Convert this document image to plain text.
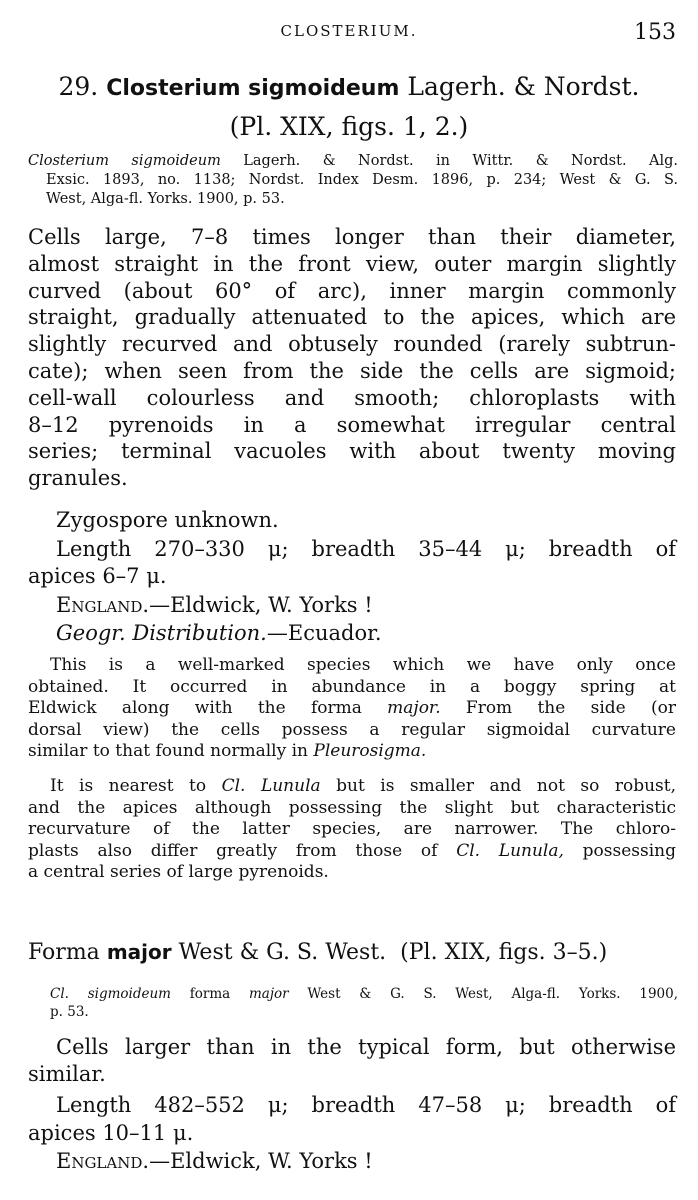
CLOSTERIUM.	153
29. Closterium sigmoideum Lagerh. & Nordst.
(Pl. XIX, figs. 1, 2.)
Closterium sigmoideum Lagerh. & Nordst. in Wittr. & Nordst. Alg.
Exsic. 1893, no. 1138; Nordst. Index Desm. 1896, p. 234; West & G. S.
West, Alga-fl. Yorks. 1900, p. 53.
Cells large, 7–8 times longer than their diameter,
almost straight in the front view, outer margin slightly
curved (about 60° of arc), inner margin commonly
straight, gradually attenuated to the apices, which are
slightly recurved and obtusely rounded (rarely subtrun-
cate); when seen from the side the cells are sigmoid;
cell-wall colourless and smooth; chloroplasts with
8–12 pyrenoids in a somewhat irregular central
series; terminal vacuoles with about twenty moving
granules.
Zygospore unknown.
Length 270–330 μ; breadth 35–44 μ; breadth of
apices 6–7 μ.
England.—Eldwick, W. Yorks !
Geogr. Distribution.—Ecuador.
This is a well-marked species which we have only once
obtained. It occurred in abundance in a boggy spring at
Eldwick along with the forma major. From the side (or
dorsal view) the cells possess a regular sigmoidal curvature
similar to that found normally in Pleurosigma.
It is nearest to Cl. Lunula but is smaller and not so robust,
and the apices although possessing the slight but characteristic
recurvature of the latter species, are narrower. The chloro-
plasts also differ greatly from those of Cl. Lunula, possessing
a central series of large pyrenoids.
Forma major West & G. S. West. (Pl. XIX, figs. 3–5.)
Cl. sigmoideum forma major West & G. S. West, Alga-fl. Yorks. 1900,
p. 53.
Cells larger than in the typical form, but otherwise
similar.
Length 482–552 μ; breadth 47–58 μ; breadth of
apices 10–11 μ.
England.—Eldwick, W. Yorks !
